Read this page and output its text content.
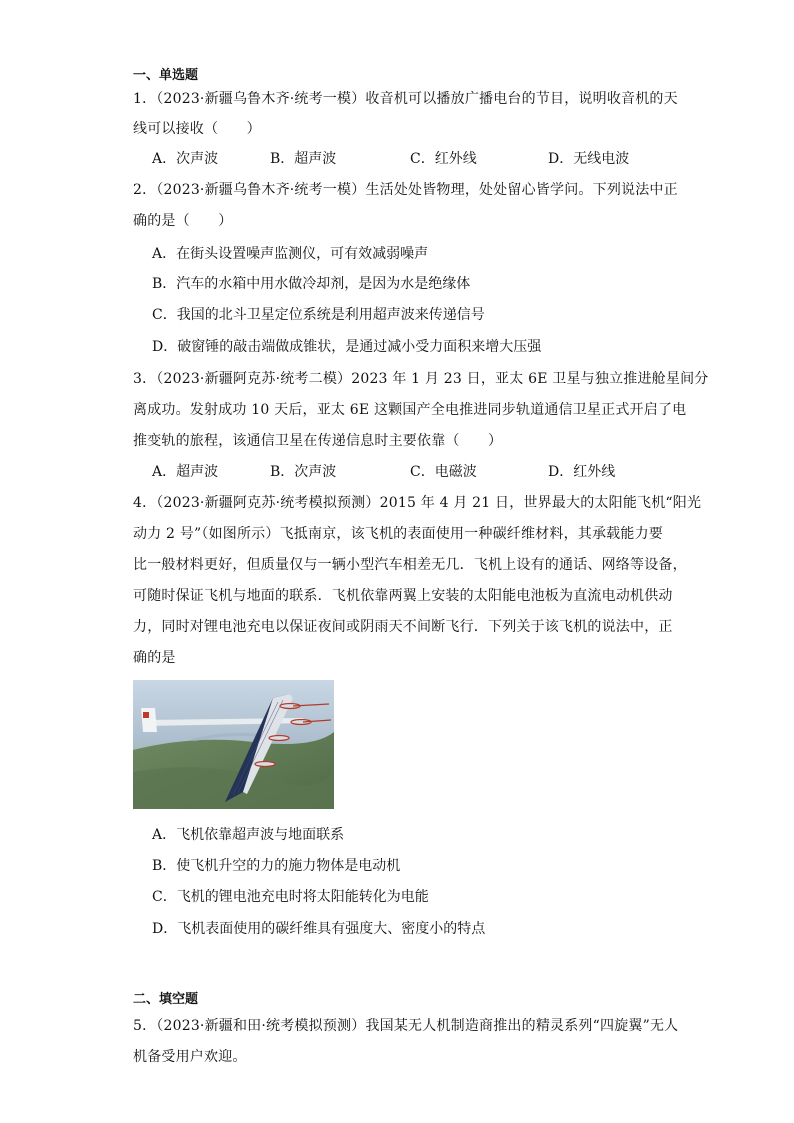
一、单选题
1．（2023·新疆乌鲁木齐·统考一模）收音机可以播放广播电台的节目，说明收音机的天
线可以接收（　　）
A．次声波	B．超声波	C．红外线	D．无线电波
2．（2023·新疆乌鲁木齐·统考一模）生活处处皆物理，处处留心皆学问。下列说法中正
确的是（　　）
A．在街头设置噪声监测仪，可有效减弱噪声
B．汽车的水箱中用水做冷却剂，是因为水是绝缘体
C．我国的北斗卫星定位系统是利用超声波来传递信号
D．破窗锤的敲击端做成锥状，是通过减小受力面积来增大压强
3．（2023·新疆阿克苏·统考二模）2023 年 1 月 23 日，亚太 6E 卫星与独立推进舱星间分
离成功。发射成功 10 天后，亚太 6E 这颗国产全电推进同步轨道通信卫星正式开启了电
推变轨的旅程，该通信卫星在传递信息时主要依靠（　　）
A．超声波	B．次声波	C．电磁波	D．红外线
4．（2023·新疆阿克苏·统考模拟预测）2015 年 4 月 21 日，世界最大的太阳能飞机“阳光
动力 2 号”（如图所示）飞抵南京，该飞机的表面使用一种碳纤维材料，其承载能力要
比一般材料更好，但质量仅与一辆小型汽车相差无几．飞机上设有的通话、网络等设备，
可随时保证飞机与地面的联系．飞机依靠两翼上安装的太阳能电池板为直流电动机供动
力，同时对锂电池充电以保证夜间或阴雨天不间断飞行．下列关于该飞机的说法中，正
确的是
A．飞机依靠超声波与地面联系
B．使飞机升空的力的施力物体是电动机
C．飞机的锂电池充电时将太阳能转化为电能
D．飞机表面使用的碳纤维具有强度大、密度小的特点
二、填空题
5．（2023·新疆和田·统考模拟预测）我国某无人机制造商推出的精灵系列“四旋翼”无人
机备受用户欢迎。
